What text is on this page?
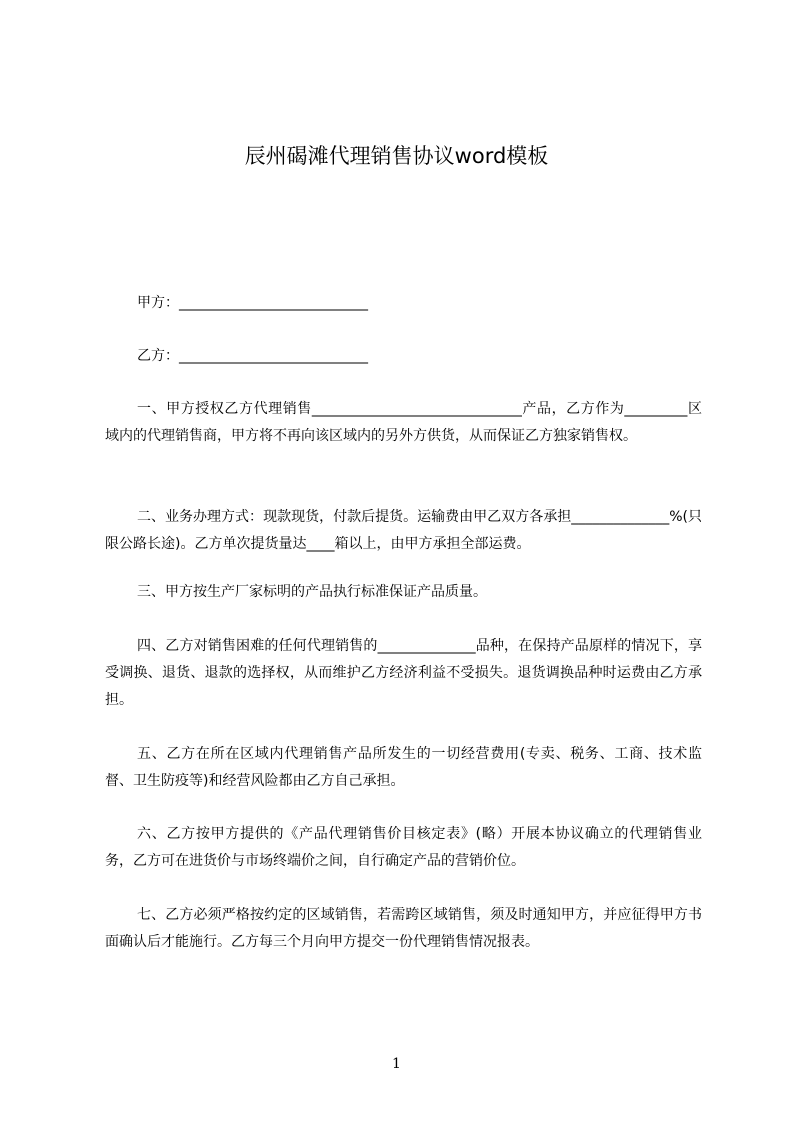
辰州碣滩代理销售协议word模板
甲方：___________________________
乙方：___________________________
一、甲方授权乙方代理销售______________________________产品，乙方作为_________区域内的代理销售商，甲方将不再向该区域内的另外方供货，从而保证乙方独家销售权。
二、业务办理方式：现款现货，付款后提货。运输费由甲乙双方各承担______________%(只限公路长途)。乙方单次提货量达____箱以上，由甲方承担全部运费。
三、甲方按生产厂家标明的产品执行标准保证产品质量。
四、乙方对销售困难的任何代理销售的______________品种，在保持产品原样的情况下，享受调换、退货、退款的选择权，从而维护乙方经济利益不受损失。退货调换品种时运费由乙方承担。
五、乙方在所在区域内代理销售产品所发生的一切经营费用(专卖、税务、工商、技术监督、卫生防疫等)和经营风险都由乙方自己承担。
六、乙方按甲方提供的《产品代理销售价目核定表》(略）开展本协议确立的代理销售业务，乙方可在进货价与市场终端价之间，自行确定产品的营销价位。
七、乙方必须严格按约定的区域销售，若需跨区域销售，须及时通知甲方，并应征得甲方书面确认后才能施行。乙方每三个月向甲方提交一份代理销售情况报表。
1
